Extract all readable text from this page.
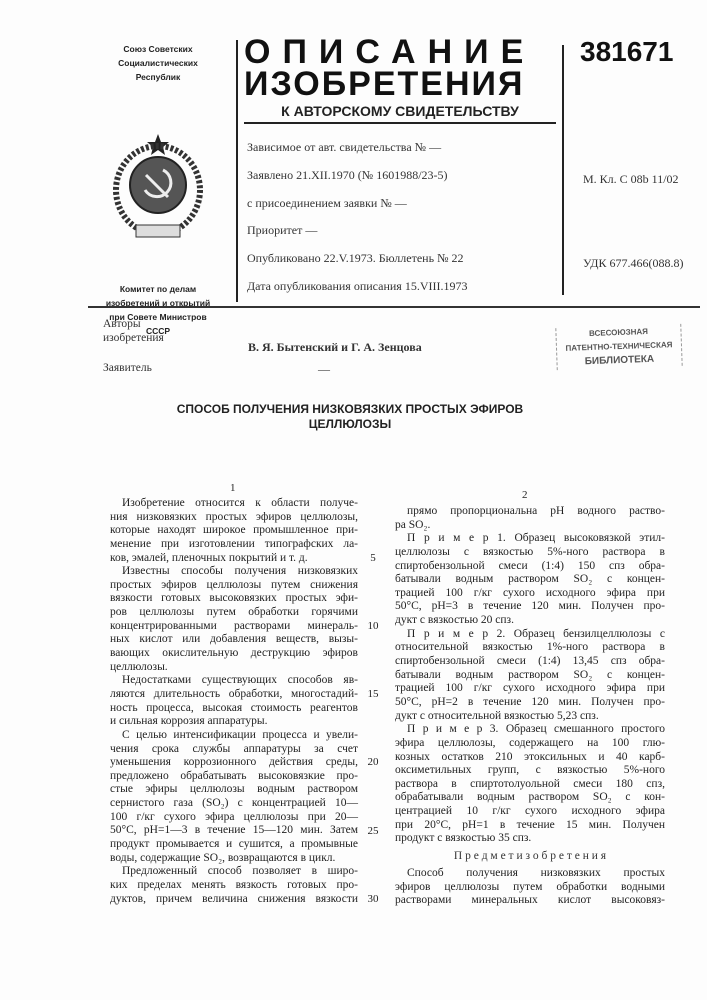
Союз Советских
Социалистических
Республик
Комитет по делам
изобретений и открытий
при Совете Министров
СССР
ОПИСАНИЕ
ИЗОБРЕТЕНИЯ
К АВТОРСКОМУ СВИДЕТЕЛЬСТВУ
381671
Зависимое от авт. свидетельства № —
Заявлено 21.XII.1970 (№ 1601988/23-5)
с присоединением заявки № —
Приоритет —
Опубликовано 22.V.1973. Бюллетень № 22
Дата опубликования описания 15.VIII.1973
М. Кл. C 08b 11/02
УДК 677.466(088.8)
Авторы
изобретения
В. Я. Бытенский и Г. А. Зенцова
Заявитель	—
ВСЕСОЮЗНАЯ
ПАТЕНТНО-ТЕХНИЧЕСКАЯ
БИБЛИОТЕКА
СПОСОБ ПОЛУЧЕНИЯ НИЗКОВЯЗКИХ ПРОСТЫХ ЭФИРОВ
ЦЕЛЛЮЛОЗЫ
1
2
Изобретение относится к области получе-
ния низковязких простых эфиров целлюлозы,
которые находят широкое промышленное при-
менение при изготовлении типографских ла-
ков, эмалей, пленочных покрытий и т. д.
Известны способы получения низковязких
простых эфиров целлюлозы путем снижения
вязкости готовых высоковязких простых эфи-
ров целлюлозы путем обработки горячими
концентрированными растворами минераль-
ных кислот или добавления веществ, вызы-
вающих окислительную деструкцию эфиров
целлюлозы.
Недостатками существующих способов яв-
ляются длительность обработки, многостадий-
ность процесса, высокая стоимость реагентов
и сильная коррозия аппаратуры.
С целью интенсификации процесса и увели-
чения срока службы аппаратуры за счет
уменьшения коррозионного действия среды,
предложено обрабатывать высоковязкие про-
стые эфиры целлюлозы водным раствором
сернистого газа (SO₂) с концентрацией 10—
100 г/кг сухого эфира целлюлозы при 20—
50°С, pH=1—3 в течение 15—120 мин. Затем
продукт промывается и сушится, а промывные
воды, содержащие SO₂, возвращаются в цикл.
Предложенный способ позволяет в широ-
ких пределах менять вязкость готовых про-
дуктов, причем величина снижения вязкости
5
10
15
20
25
30
прямо пропорциональна pH водного раство-
ра SO₂.
П р и м е р 1. Образец высоковязкой этил-
целлюлозы с вязкостью 5%-ного раствора в
спиртобензольной смеси (1:4) 150 спз обра-
батывали водным раствором SO₂ с концен-
трацией 100 г/кг сухого исходного эфира при
50°С, pH=3 в течение 120 мин. Получен про-
дукт с вязкостью 20 спз.
П р и м е р 2. Образец бензилцеллюлозы с
относительной вязкостью 1%-ного раствора в
спиртобензольной смеси (1:4) 13,45 спз обра-
батывали водным раствором SO₂ с концен-
трацией 100 г/кг сухого исходного эфира при
50°С, pH=2 в течение 120 мин. Получен про-
дукт с относительной вязкостью 5,23 спз.
П р и м е р 3. Образец смешанного простого
эфира целлюлозы, содержащего на 100 глю-
козных остатков 210 этоксильных и 40 карб-
оксиметильных групп, с вязкостью 5%-ного
раствора в спиртотолуольной смеси 180 спз,
обрабатывали водным раствором SO₂ с кон-
центрацией 10 г/кг сухого исходного эфира
при 20°С, pH=1 в течение 15 мин. Получен
продукт с вязкостью 35 спз.
П р е д м е т и з о б р е т е н и я
Способ получения низковязких простых
эфиров целлюлозы путем обработки водными
растворами минеральных кислот высоковяз-
